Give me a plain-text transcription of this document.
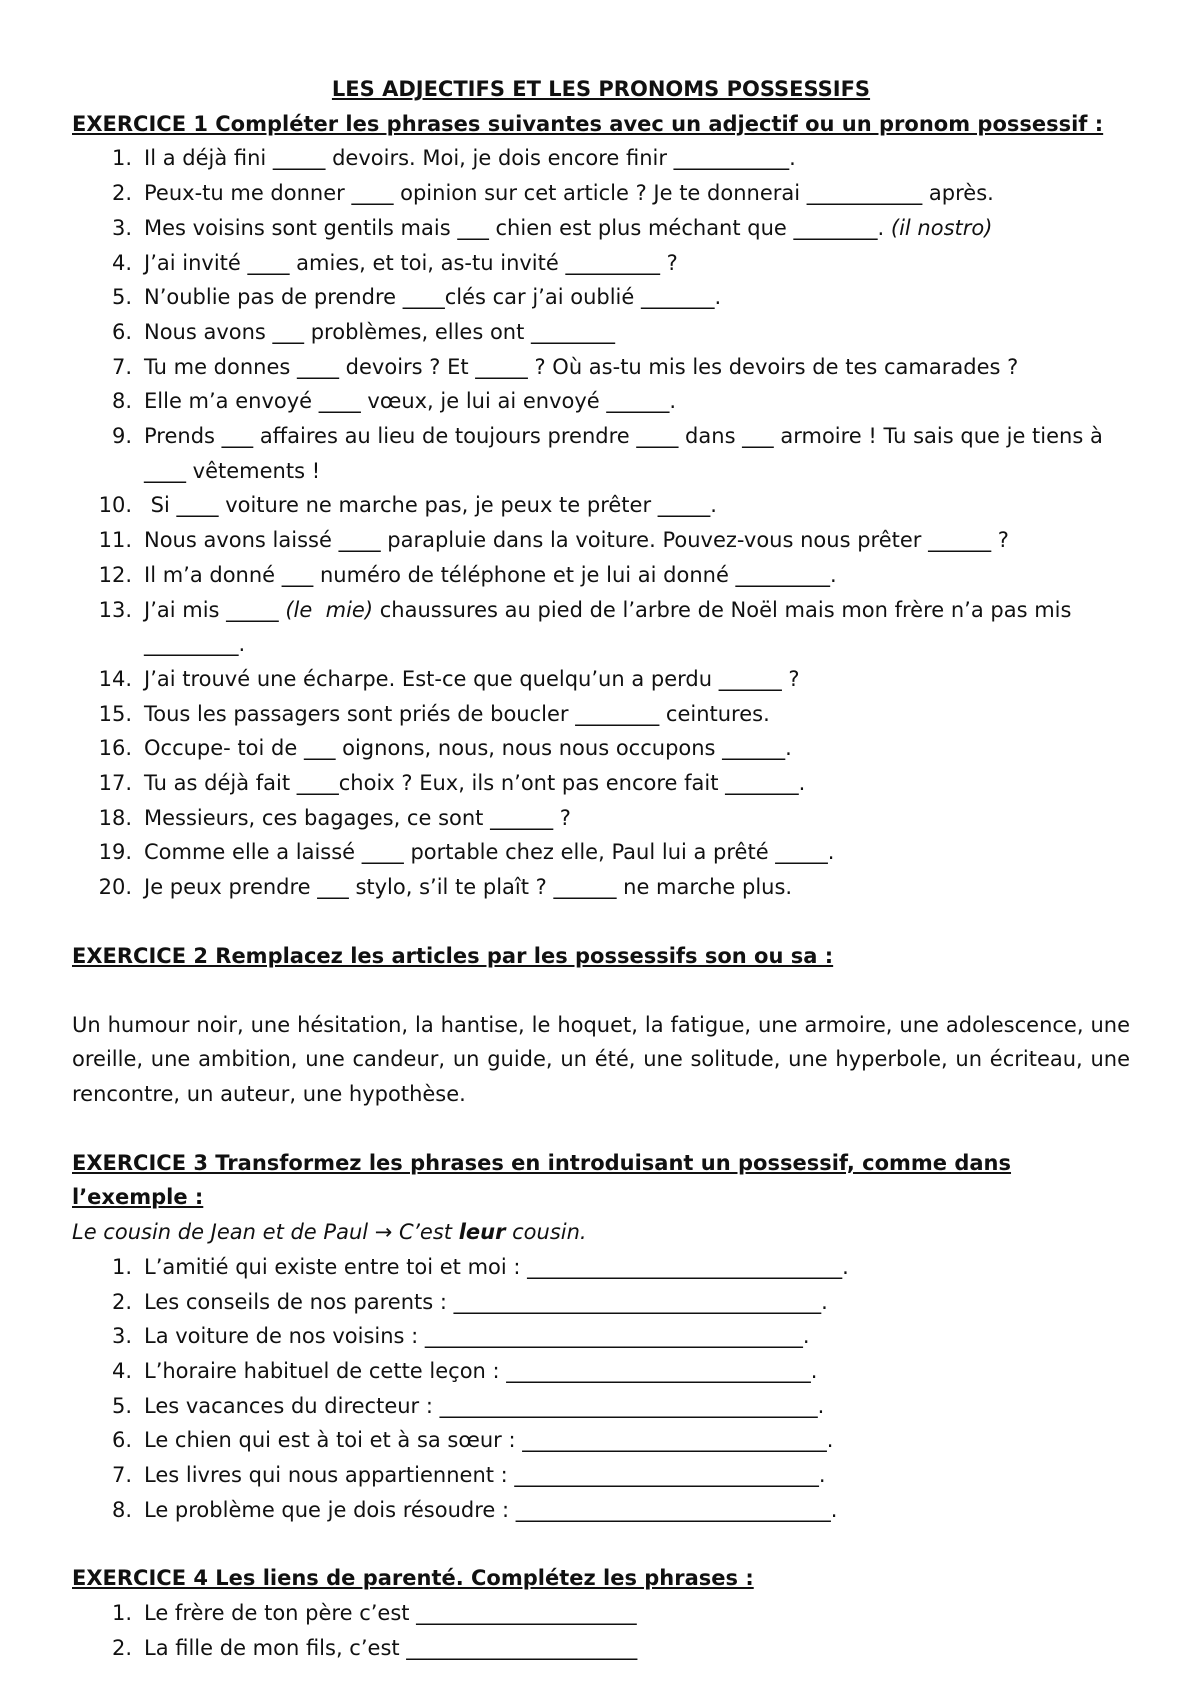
LES ADJECTIFS ET LES PRONOMS POSSESSIFS

EXERCICE 1 Compléter les phrases suivantes avec un adjectif ou un pronom possessif :

1. Il a déjà fini _____ devoirs. Moi, je dois encore finir ___________.
2. Peux-tu me donner ____ opinion sur cet article ? Je te donnerai ___________ après.
3. Mes voisins sont gentils mais ___ chien est plus méchant que ________. (il nostro)
4. J’ai invité ____ amies, et toi, as-tu invité _________ ?
5. N’oublie pas de prendre ____clés car j’ai oublié _______.
6. Nous avons ___ problèmes, elles ont ________
7. Tu me donnes ____ devoirs ? Et _____ ? Où as-tu mis les devoirs de tes camarades ?
8. Elle m’a envoyé ____ vœux, je lui ai envoyé ______.
9. Prends ___ affaires au lieu de toujours prendre ____ dans ___ armoire ! Tu sais que je tiens à ____ vêtements !
10. Si ____ voiture ne marche pas, je peux te prêter _____.
11. Nous avons laissé ____ parapluie dans la voiture. Pouvez-vous nous prêter ______ ?
12. Il m’a donné ___ numéro de téléphone et je lui ai donné _________.
13. J’ai mis _____ (le  mie) chaussures au pied de l’arbre de Noël mais mon frère n’a pas mis _________.
14. J’ai trouvé une écharpe. Est-ce que quelqu’un a perdu ______ ?
15. Tous les passagers sont priés de boucler ________ ceintures.
16. Occupe- toi de ___ oignons, nous, nous nous occupons ______.
17. Tu as déjà fait ____choix ? Eux, ils n’ont pas encore fait _______.
18. Messieurs, ces bagages, ce sont ______ ?
19. Comme elle a laissé ____ portable chez elle, Paul lui a prêté _____.
20. Je peux prendre ___ stylo, s’il te plaît ? ______ ne marche plus.

EXERCICE 2 Remplacez les articles par les possessifs son ou sa :

Un humour noir, une hésitation, la hantise, le hoquet, la fatigue, une armoire, une adolescence, une oreille, une ambition, une candeur, un guide, un été, une solitude, une hyperbole, un écriteau, une rencontre, un auteur, une hypothèse.

EXERCICE 3 Transformez les phrases en introduisant un possessif, comme dans l’exemple :

Le cousin de Jean et de Paul → C’est leur cousin.

1. L’amitié qui existe entre toi et moi : ______________________________.
2. Les conseils de nos parents : ___________________________________.
3. La voiture de nos voisins : ____________________________________.
4. L’horaire habituel de cette leçon : _____________________________.
5. Les vacances du directeur : ____________________________________.
6. Le chien qui est à toi et à sa sœur : _____________________________.
7. Les livres qui nous appartiennent : _____________________________.
8. Le problème que je dois résoudre : ______________________________.

EXERCICE 4 Les liens de parenté. Complétez les phrases :

1. Le frère de ton père c’est _____________________
2. La fille de mon fils, c’est ______________________
